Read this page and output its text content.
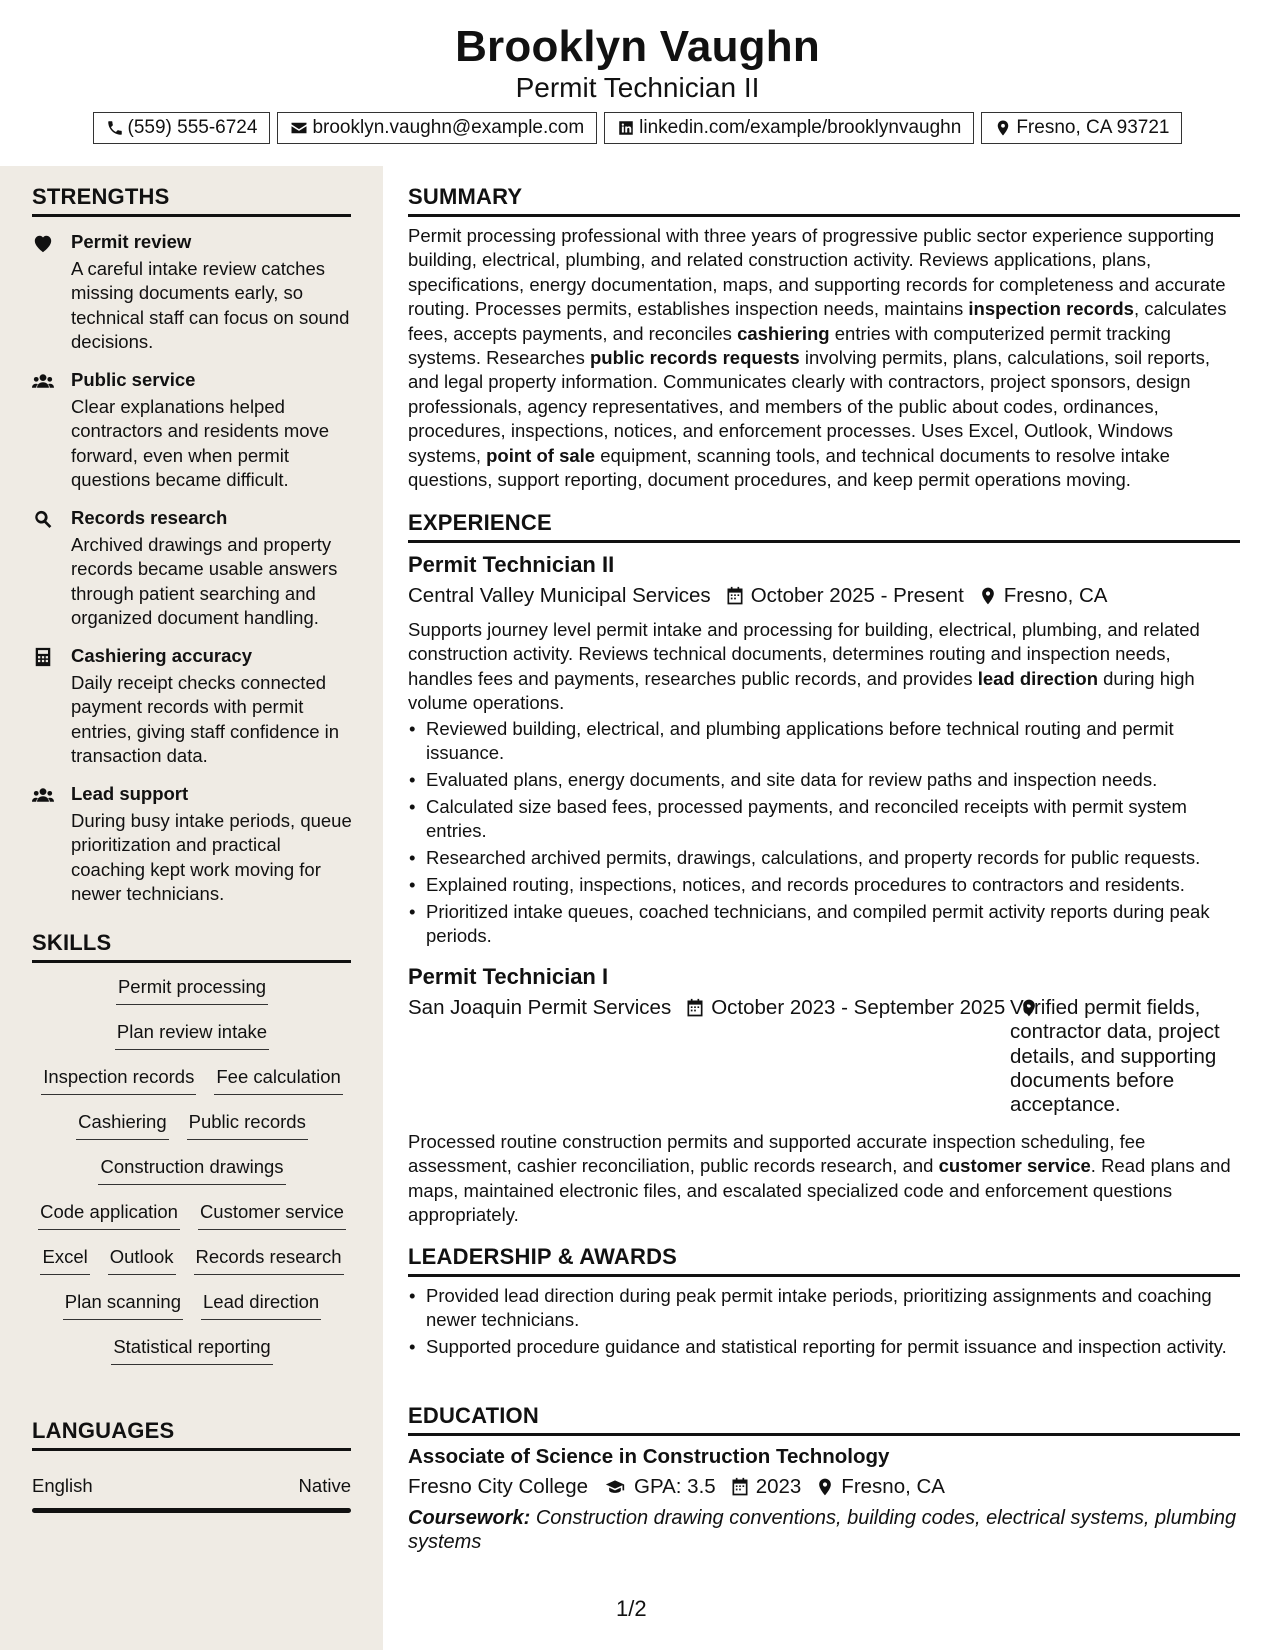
Brooklyn Vaughn
Permit Technician II
(559) 555-6724	brooklyn.vaughn@example.com	linkedin.com/example/brooklynvaughn	Fresno, CA 93721
STRENGTHS
Permit review
A careful intake review catches missing documents early, so technical staff can focus on sound decisions.
Public service
Clear explanations helped contractors and residents move forward, even when permit questions became difficult.
Records research
Archived drawings and property records became usable answers through patient searching and organized document handling.
Cashiering accuracy
Daily receipt checks connected payment records with permit entries, giving staff confidence in transaction data.
Lead support
During busy intake periods, queue prioritization and practical coaching kept work moving for newer technicians.
SKILLS
Permit processing
Plan review intake
Inspection records Fee calculation
Cashiering Public records
Construction drawings
Code application Customer service
Excel Outlook Records research
Plan scanning Lead direction
Statistical reporting
LANGUAGES
English	Native
SUMMARY
Permit processing professional with three years of progressive public sector experience supporting building, electrical, plumbing, and related construction activity. Reviews applications, plans, specifications, energy documentation, maps, and supporting records for completeness and accurate routing. Processes permits, establishes inspection needs, maintains inspection records, calculates fees, accepts payments, and reconciles cashiering entries with computerized permit tracking systems. Researches public records requests involving permits, plans, calculations, soil reports, and legal property information. Communicates clearly with contractors, project sponsors, design professionals, agency representatives, and members of the public about codes, ordinances, procedures, inspections, notices, and enforcement processes. Uses Excel, Outlook, Windows systems, point of sale equipment, scanning tools, and technical documents to resolve intake questions, support reporting, document procedures, and keep permit operations moving.
EXPERIENCE
Permit Technician II
Central Valley Municipal Services October 2025 - Present Fresno, CA
Supports journey level permit intake and processing for building, electrical, plumbing, and related construction activity. Reviews technical documents, determines routing and inspection needs, handles fees and payments, researches public records, and provides lead direction during high volume operations.
• Reviewed building, electrical, and plumbing applications before technical routing and permit issuance.
• Evaluated plans, energy documents, and site data for review paths and inspection needs.
• Calculated size based fees, processed payments, and reconciled receipts with permit system entries.
• Researched archived permits, drawings, calculations, and property records for public requests.
• Explained routing, inspections, notices, and records procedures to contractors and residents.
• Prioritized intake queues, coached technicians, and compiled permit activity reports during peak periods.
Permit Technician I
San Joaquin Permit Services October 2023 - September 2025 Verified permit fields, contractor data, project details, and supporting documents before acceptance.
Processed routine construction permits and supported accurate inspection scheduling, fee assessment, cashier reconciliation, public records research, and customer service. Read plans and maps, maintained electronic files, and escalated specialized code and enforcement questions appropriately.
LEADERSHIP & AWARDS
• Provided lead direction during peak permit intake periods, prioritizing assignments and coaching newer technicians.
• Supported procedure guidance and statistical reporting for permit issuance and inspection activity.
EDUCATION
Associate of Science in Construction Technology
Fresno City College GPA: 3.5 2023 Fresno, CA
Coursework: Construction drawing conventions, building codes, electrical systems, plumbing systems
1/2
